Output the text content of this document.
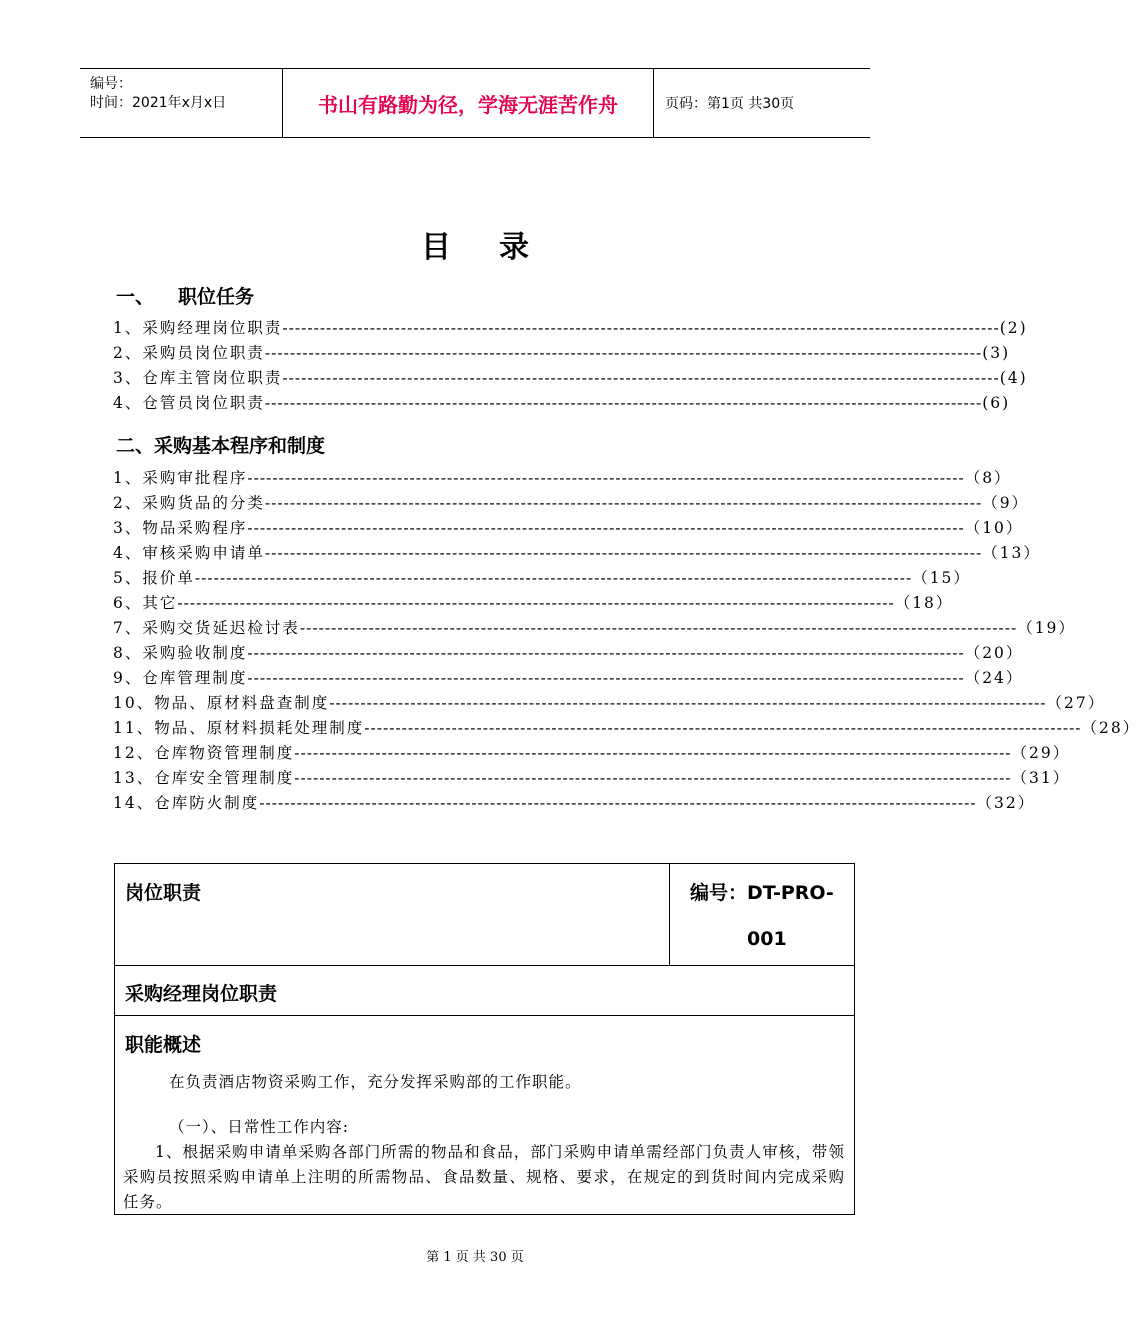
编号：
时间：2021年x月x日	书山有路勤为径，学海无涯苦作舟	页码：第1页 共30页
目录
一、 职位任务
1、 采购经理岗位职责 ------------------------------------------------------------------------------------------------------------------- (2)
2、 采购员岗位职责 ------------------------------------------------------------------------------------------------------------------- (3)
3、 仓库主管岗位职责 ------------------------------------------------------------------------------------------------------------------- (4)
4、 仓管员岗位职责 ------------------------------------------------------------------------------------------------------------------- (6)
二、采购基本程序和制度
1、 采购审批程序 ------------------------------------------------------------------------------------------------------------------- （8）
2、 采购货品的分类 ------------------------------------------------------------------------------------------------------------------- （9）
3、 物品采购程序 ------------------------------------------------------------------------------------------------------------------- （10）
4、 审核采购申请单 ------------------------------------------------------------------------------------------------------------------- （13）
5、 报价单 ------------------------------------------------------------------------------------------------------------------- （15）
6、 其它 ------------------------------------------------------------------------------------------------------------------- （18）
7、 采购交货延迟检讨表 ------------------------------------------------------------------------------------------------------------------- （19）
8、 采购验收制度 ------------------------------------------------------------------------------------------------------------------- （20）
9、 仓库管理制度 ------------------------------------------------------------------------------------------------------------------- （24）
10、 物品、原材料盘查制度 ------------------------------------------------------------------------------------------------------------------- （27）
11、 物品、原材料损耗处理制度 ------------------------------------------------------------------------------------------------------------------- （28）
12、 仓库物资管理制度 ------------------------------------------------------------------------------------------------------------------- （29）
13、 仓库安全管理制度 ------------------------------------------------------------------------------------------------------------------- （31）
14、 仓库防火制度 ------------------------------------------------------------------------------------------------------------------- （32）
岗位职责	编号：DT-PRO-
001
采购经理岗位职责
职能概述
在负责酒店物资采购工作，充分发挥采购部的工作职能。
（一）、日常性工作内容:
1、根据采购申请单采购各部门所需的物品和食品，部门采购申请单需经部门负责人审核，带领采购员按照采购申请单上注明的所需物品、食品数量、规格、要求，在规定的到货时间内完成采购任务。
第 1 页 共 30 页
